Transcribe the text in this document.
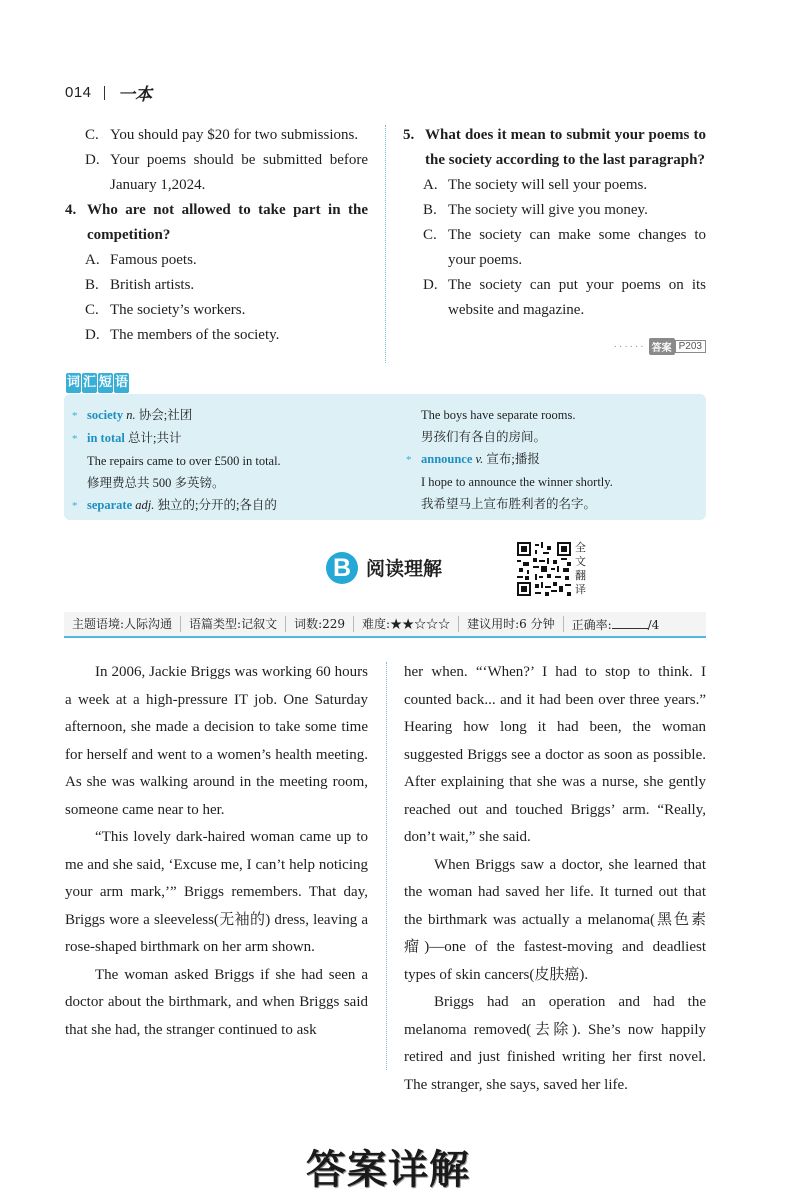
014 一本
C. You should pay $20 for two submissions.
D. Your poems should be submitted before January 1,2024.
4. Who are not allowed to take part in the competition?
A. Famous poets.
B. British artists.
C. The society’s workers.
D. The members of the society.
5. What does it mean to submit your poems to the society according to the last paragraph?
A. The society will sell your poems.
B. The society will give you money.
C. The society can make some changes to your poems.
D. The society can put your poems on its website and magazine.
······ 答案 P203
词 汇 短 语
* society n. 协会;社团
* in total 总计;共计
The repairs came to over £500 in total.
修理费总共 500 多英镑。
* separate adj. 独立的;分开的;各自的
The boys have separate rooms.
男孩们有各自的房间。
* announce v. 宣布;播报
I hope to announce the winner shortly.
我希望马上宣布胜利者的名字。
B 阅读理解
全文翻译
主题语境:人际沟通	语篇类型:记叙文	词数:229	难度:★★☆☆☆	建议用时:6 分钟	正确率:	/4

In 2006, Jackie Briggs was working 60 hours a week at a high-pressure IT job. One Saturday afternoon, she made a decision to take some time for herself and went to a women’s health meeting. As she was walking around in the meeting room, someone came near to her.

“This lovely dark-haired woman came up to me and she said, ‘Excuse me, I can’t help noticing your arm mark,’” Briggs remembers. That day, Briggs wore a sleeveless(无袖的) dress, leaving a rose-shaped birthmark on her arm shown.

The woman asked Briggs if she had seen a doctor about the birthmark, and when Briggs said that she had, the stranger continued to ask

her when. “‘When?’ I had to stop to think. I counted back... and it had been over three years.” Hearing how long it had been, the woman suggested Briggs see a doctor as soon as possible. After explaining that she was a nurse, she gently reached out and touched Briggs’ arm. “Really, don’t wait,” she said.

When Briggs saw a doctor, she learned that the woman had saved her life. It turned out that the birthmark was actually a melanoma(黑色素瘤)—one of the fastest-moving and deadliest types of skin cancers(皮肤癌).

Briggs had an operation and had the melanoma removed(去除). She’s now happily retired and just finished writing her first novel. The stranger, she says, saved her life.

答案详解
